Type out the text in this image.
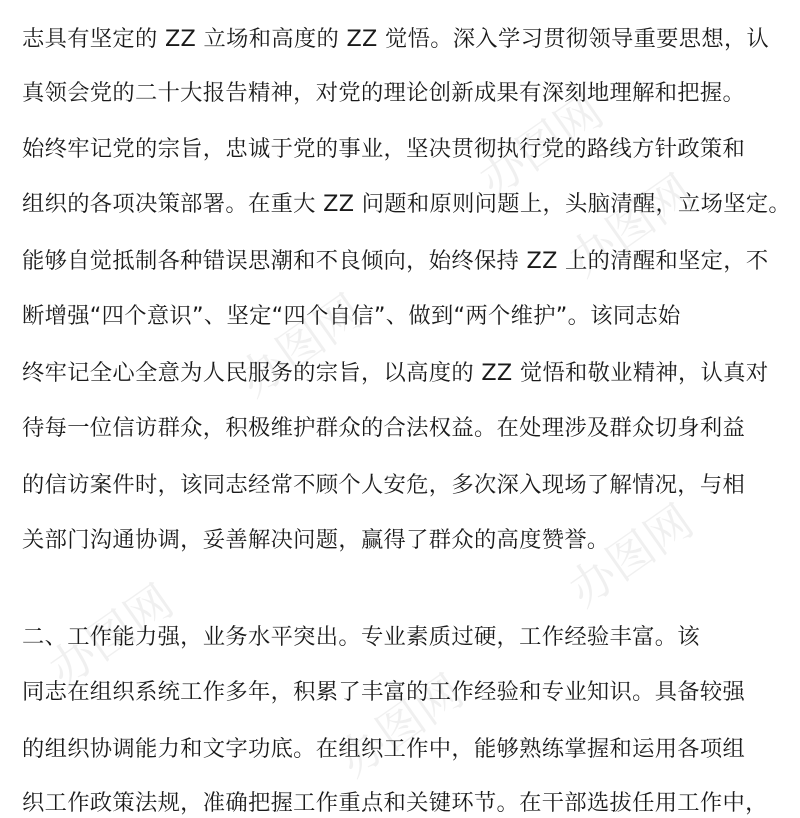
办图网
办图网
办图网
办图网
办图网
办图网
志具有坚定的 ZZ 立场和高度的 ZZ 觉悟。深入学习贯彻领导重要思想，认
真领会党的二十大报告精神，对党的理论创新成果有深刻地理解和把握。
始终牢记党的宗旨，忠诚于党的事业，坚决贯彻执行党的路线方针政策和
组织的各项决策部署。在重大 ZZ 问题和原则问题上，头脑清醒，立场坚定。
能够自觉抵制各种错误思潮和不良倾向，始终保持 ZZ 上的清醒和坚定，不
断增强“四个意识”、坚定“四个自信”、做到“两个维护”。该同志始
终牢记全心全意为人民服务的宗旨，以高度的 ZZ 觉悟和敬业精神，认真对
待每一位信访群众，积极维护群众的合法权益。在处理涉及群众切身利益
的信访案件时，该同志经常不顾个人安危，多次深入现场了解情况，与相
关部门沟通协调，妥善解决问题，赢得了群众的高度赞誉。
二、工作能力强，业务水平突出。专业素质过硬，工作经验丰富。该
同志在组织系统工作多年，积累了丰富的工作经验和专业知识。具备较强
的组织协调能力和文字功底。在组织工作中，能够熟练掌握和运用各项组
织工作政策法规，准确把握工作重点和关键环节。在干部选拔任用工作中，
